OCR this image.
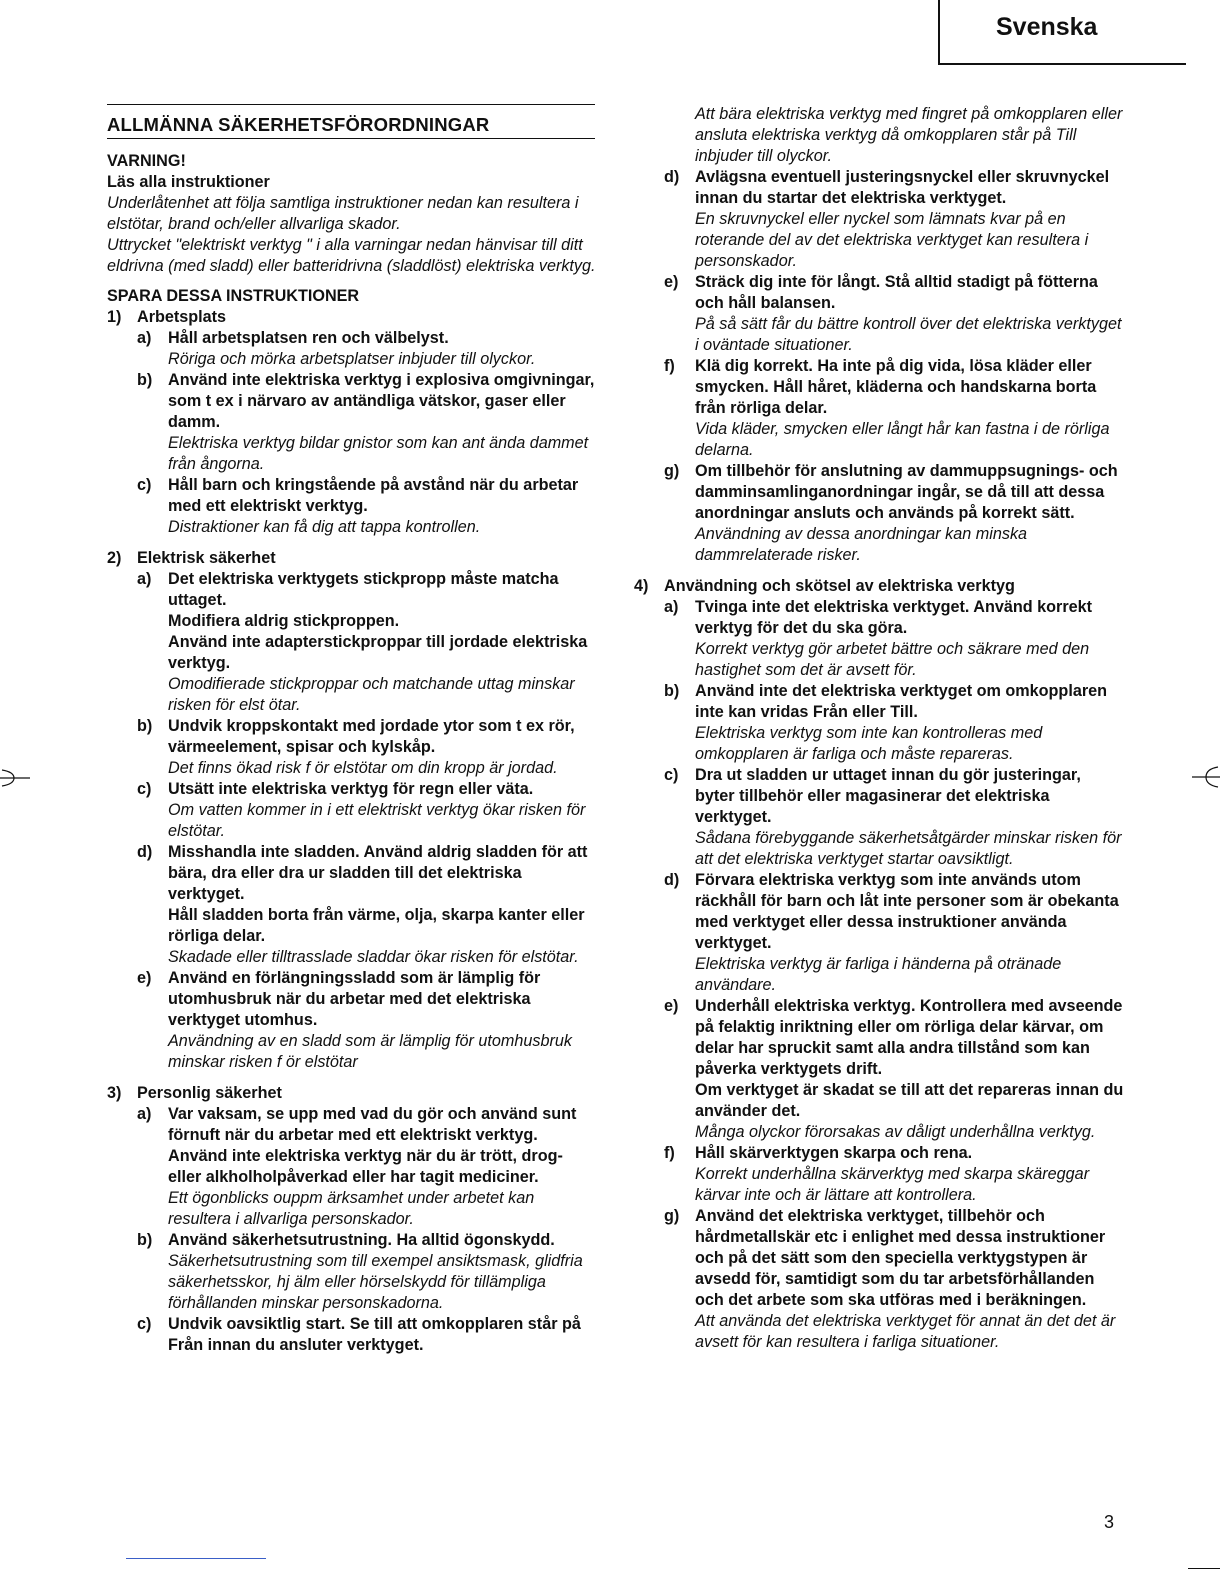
Svenska
ALLMÄNNA SÄKERHETSFÖRORDNINGAR
VARNING!
Läs alla instruktioner
Underlåtenhet att följa samtliga instruktioner nedan kan resultera i elstötar, brand och/eller allvarliga skador.
Uttrycket "elektriskt verktyg " i alla varningar nedan hänvisar till ditt eldrivna (med sladd) eller batteridrivna (sladdlöst) elektriska verktyg.
SPARA DESSA INSTRUKTIONER
1) Arbetsplats
a)	Håll arbetsplatsen ren och välbelyst.
Röriga och mörka arbetsplatser inbjuder till olyckor.
b) Använd inte elektriska verktyg i explosiva omgivningar, som t ex i närvaro av antändliga vätskor, gaser eller damm.
Elektriska verktyg bildar gnistor som kan ant ända dammet från ångorna.
c)	Håll barn och kringstående på avstånd när du arbetar med ett elektriskt verktyg.
Distraktioner kan få dig att tappa kontrollen.
2) Elektrisk säkerhet
a)	Det elektriska verktygets stickpropp måste matcha uttaget.
Modifiera aldrig stickproppen.
Använd inte adapterstickproppar till jordade elektriska verktyg.
Omodifierade stickproppar och matchande uttag minskar risken för elst ötar.
b) Undvik kroppskontakt med jordade ytor som t ex rör, värmeelement, spisar och kylskåp.
Det finns ökad risk f ör elstötar om din kropp är jordad.
c)	Utsätt inte elektriska verktyg för regn eller väta.
Om vatten kommer in i ett elektriskt verktyg ökar risken för elstötar.
d) Misshandla inte sladden. Använd aldrig sladden för att bära, dra eller dra ur sladden till det elektriska verktyget.
Håll sladden borta från värme, olja, skarpa kanter eller rörliga delar.
Skadade eller tilltrasslade sladdar ökar risken för elstötar.
e)	Använd en förlängningssladd som är lämplig för utomhusbruk när du arbetar med det elektriska verktyget utomhus.
Användning av en sladd som är lämplig för utomhusbruk minskar risken f ör elstötar
3) Personlig säkerhet
a)	Var vaksam, se upp med vad du gör och använd sunt förnuft när du arbetar med ett elektriskt verktyg.
Använd inte elektriska verktyg när du är trött, drog- eller alkholholpåverkad eller har tagit mediciner.
Ett ögonblicks ouppm ärksamhet under arbetet kan resultera i allvarliga personskador.
b) Använd säkerhetsutrustning. Ha alltid ögonskydd.
Säkerhetsutrustning som till exempel ansiktsmask, glidfria säkerhetsskor, hj älm eller hörselskydd för tillämpliga förhållanden minskar personskadorna.
c)	Undvik oavsiktlig start. Se till att omkopplaren står på Från innan du ansluter verktyget.
Att bära elektriska verktyg med fingret på omkopplaren eller ansluta elektriska verktyg då omkopplaren står på Till inbjuder till olyckor.
d) Avlägsna eventuell justeringsnyckel eller skruvnyckel innan du startar det elektriska verktyget.
En skruvnyckel eller nyckel som lämnats kvar på en roterande del av det elektriska verktyget kan resultera i personskador.
e)	Sträck dig inte för långt. Stå alltid stadigt på fötterna och håll balansen.
På så sätt får du bättre kontroll över det elektriska verktyget i oväntade situationer.
f)	Klä dig korrekt. Ha inte på dig vida, lösa kläder eller smycken. Håll håret, kläderna och handskarna borta från rörliga delar.
Vida kläder, smycken eller långt hår kan fastna i de rörliga delarna.
g) Om tillbehör för anslutning av dammuppsugnings- och damminsamlinganordningar ingår, se då till att dessa anordningar ansluts och används på korrekt sätt.
Användning av dessa anordningar kan minska dammrelaterade risker.
4) Användning och skötsel av elektriska verktyg
a)	Tvinga inte det elektriska verktyget. Använd korrekt verktyg för det du ska göra.
Korrekt verktyg gör arbetet bättre och säkrare med den hastighet som det är avsett för.
b) Använd inte det elektriska verktyget om omkopplaren inte kan vridas Från eller Till.
Elektriska verktyg som inte kan kontrolleras med omkopplaren är farliga och måste repareras.
c)	Dra ut sladden ur uttaget innan du gör justeringar, byter tillbehör eller magasinerar det elektriska verktyget.
Sådana förebyggande säkerhetsåtgärder minskar risken för att det elektriska verktyget startar oavsiktligt.
d) Förvara elektriska verktyg som inte används utom räckhåll för barn och låt inte personer som är obekanta med verktyget eller dessa instruktioner använda verktyget.
Elektriska verktyg är farliga i händerna på otränade användare.
e)	Underhåll elektriska verktyg. Kontrollera med avseende på felaktig inriktning eller om rörliga delar kärvar, om delar har spruckit samt alla andra tillstånd som kan påverka verktygets drift.
Om verktyget är skadat se till att det repareras innan du använder det.
Många olyckor förorsakas av dåligt underhållna verktyg.
f)	Håll skärverktygen skarpa och rena.
Korrekt underhållna skärverktyg med skarpa skäreggar kärvar inte och är lättare att kontrollera.
g) Använd det elektriska verktyget, tillbehör och hårdmetallskär etc i enlighet med dessa instruktioner och på det sätt som den speciella verktygstypen är avsedd för, samtidigt som du tar arbetsförhållanden och det arbete som ska utföras med i beräkningen.
Att använda det elektriska verktyget för annat än det det är avsett för kan resultera i farliga situationer.
3
